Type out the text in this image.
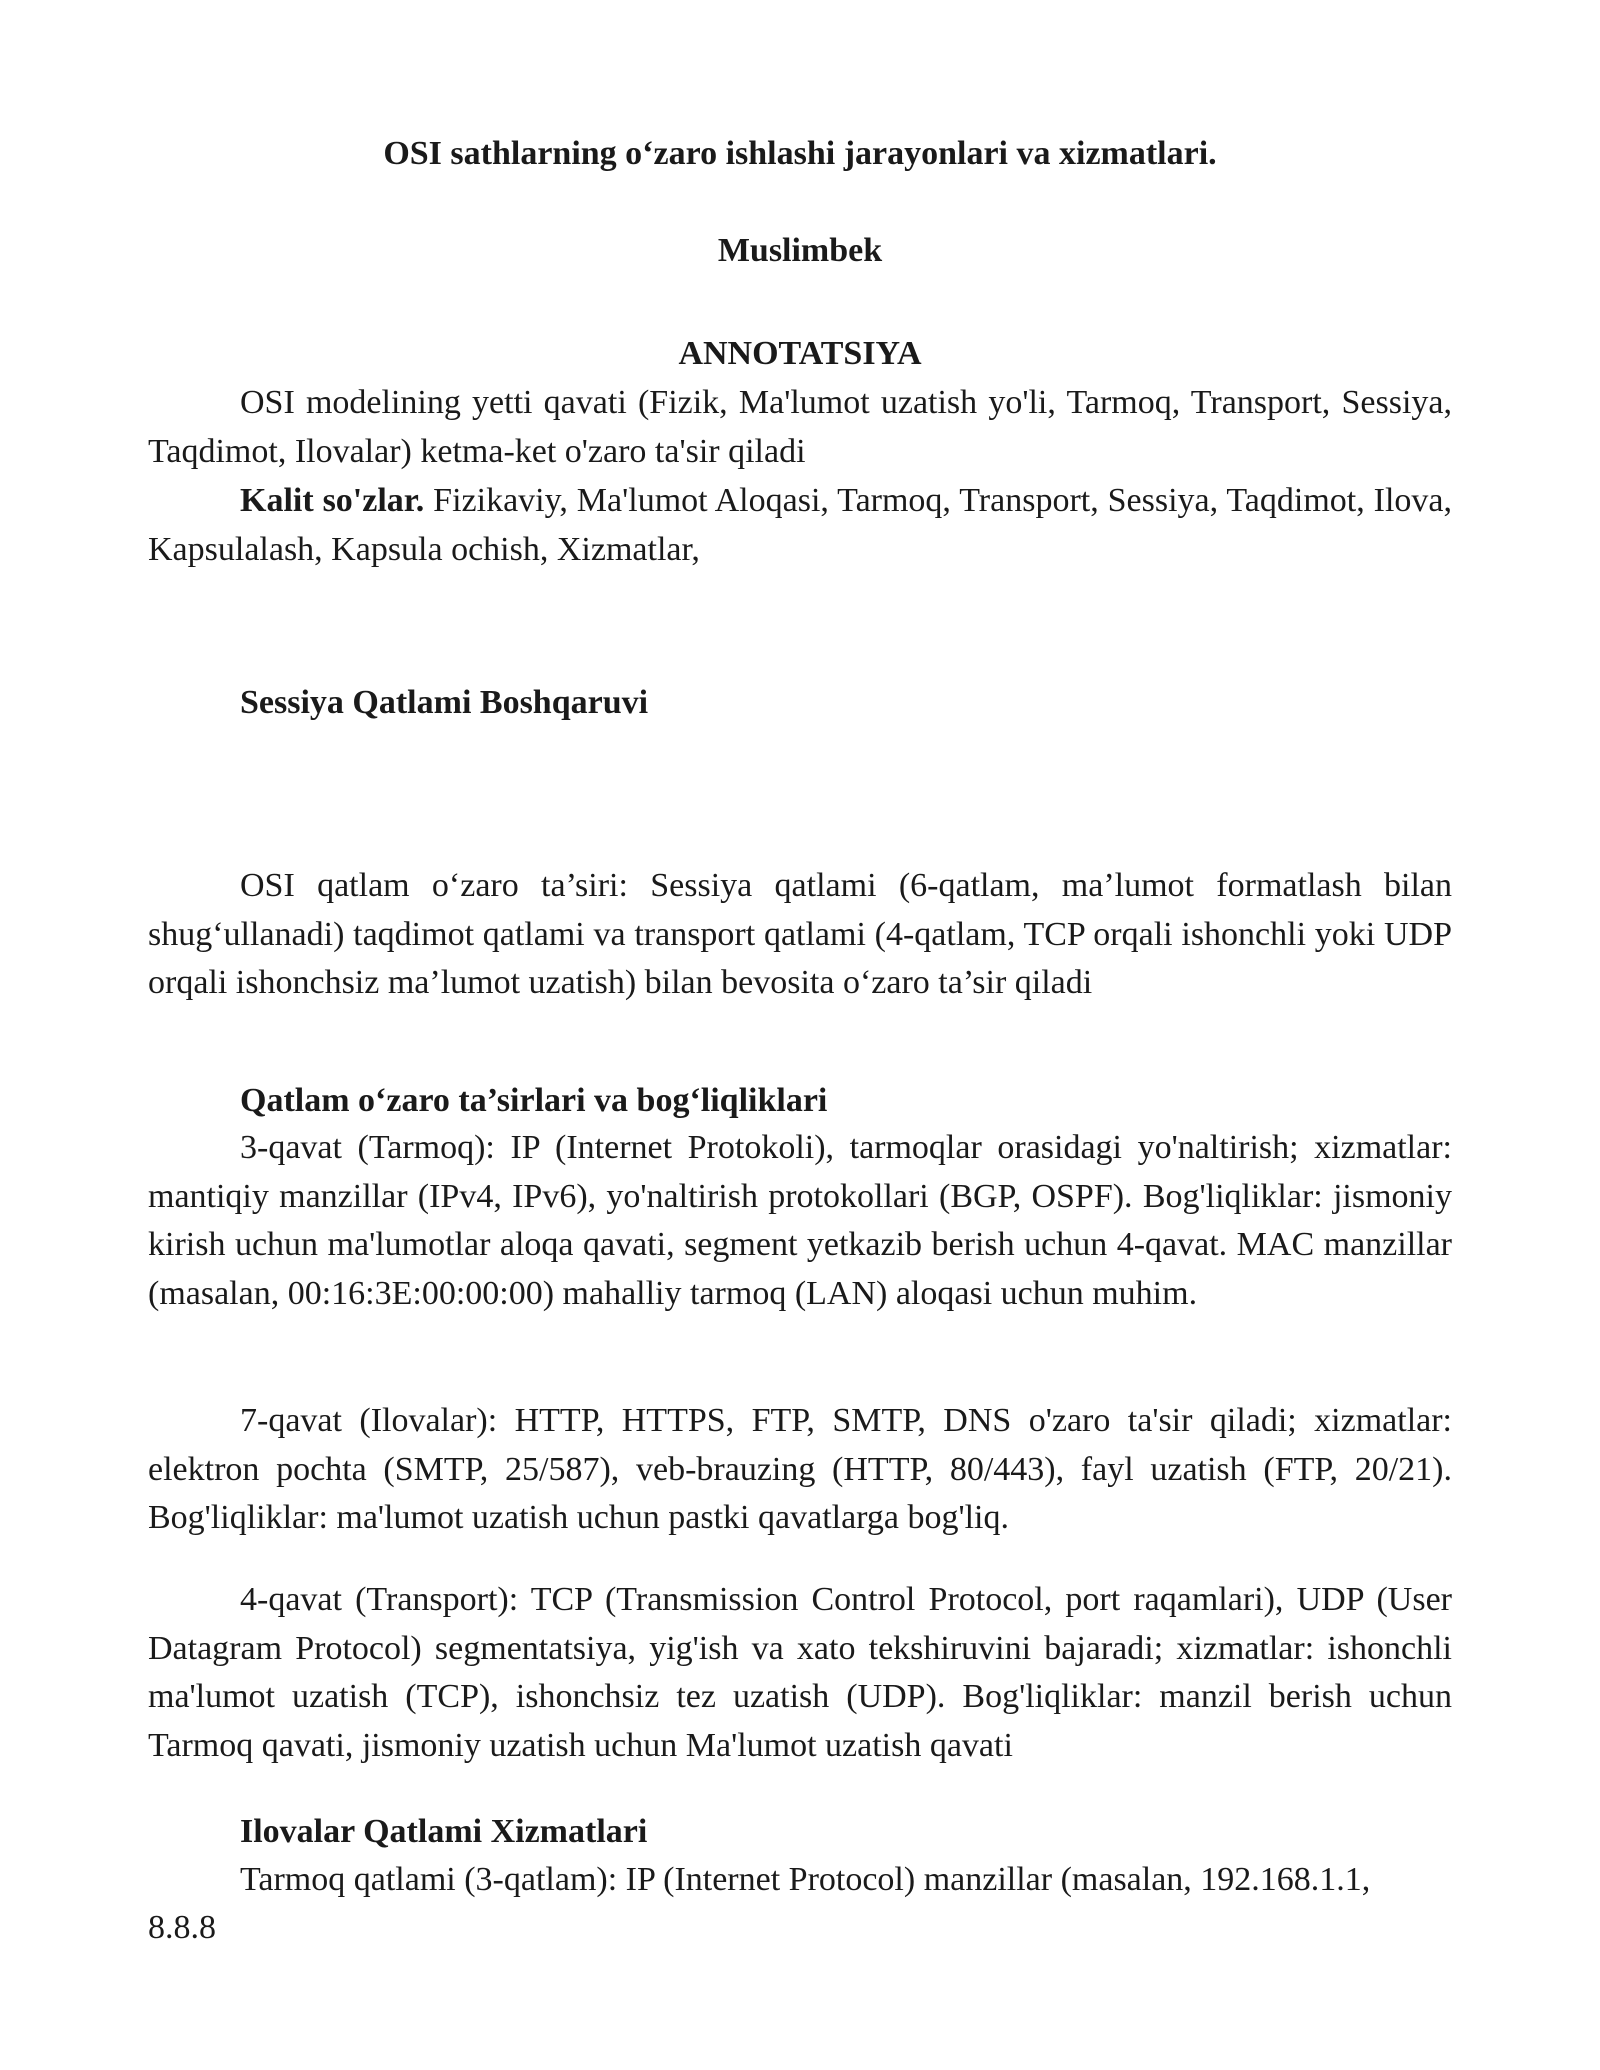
OSI sathlarning o‘zaro ishlashi jarayonlari va xizmatlari.
Muslimbek
ANNOTATSIYA

OSI modelining yetti qavati (Fizik, Ma'lumot uzatish yo'li, Tarmoq, Transport, Sessiya, Taqdimot, Ilovalar) ketma-ket o'zaro ta'sir qiladi

Kalit so'zlar. Fizikaviy, Ma'lumot Aloqasi, Tarmoq, Transport, Sessiya, Taqdimot, Ilova, Kapsulalash, Kapsula ochish, Xizmatlar,

Sessiya Qatlami Boshqaruvi

OSI qatlam o‘zaro ta’siri: Sessiya qatlami (6-qatlam, ma’lumot formatlash bilan shug‘ullanadi) taqdimot qatlami va transport qatlami (4-qatlam, TCP orqali ishonchli yoki UDP orqali ishonchsiz ma’lumot uzatish) bilan bevosita o‘zaro ta’sir qiladi

Qatlam o‘zaro ta’sirlari va bog‘liqliklari

3-qavat (Tarmoq): IP (Internet Protokoli), tarmoqlar orasidagi yo'naltirish; xizmatlar: mantiqiy manzillar (IPv4, IPv6), yo'naltirish protokollari (BGP, OSPF). Bog'liqliklar: jismoniy kirish uchun ma'lumotlar aloqa qavati, segment yetkazib berish uchun 4-qavat. MAC manzillar (masalan, 00:16:3E:00:00:00) mahalliy tarmoq (LAN) aloqasi uchun muhim.

7-qavat (Ilovalar): HTTP, HTTPS, FTP, SMTP, DNS o'zaro ta'sir qiladi; xizmatlar: elektron pochta (SMTP, 25/587), veb-brauzing (HTTP, 80/443), fayl uzatish (FTP, 20/21). Bog'liqliklar: ma'lumot uzatish uchun pastki qavatlarga bog'liq.

4-qavat (Transport): TCP (Transmission Control Protocol, port raqamlari), UDP (User Datagram Protocol) segmentatsiya, yig'ish va xato tekshiruvini bajaradi; xizmatlar: ishonchli ma'lumot uzatish (TCP), ishonchsiz tez uzatish (UDP). Bog'liqliklar: manzil berish uchun Tarmoq qavati, jismoniy uzatish uchun Ma'lumot uzatish qavati

Ilovalar Qatlami Xizmatlari
Tarmoq qatlami (3-qatlam): IP (Internet Protocol) manzillar (masalan, 192.168.1.1,
8.8.8
